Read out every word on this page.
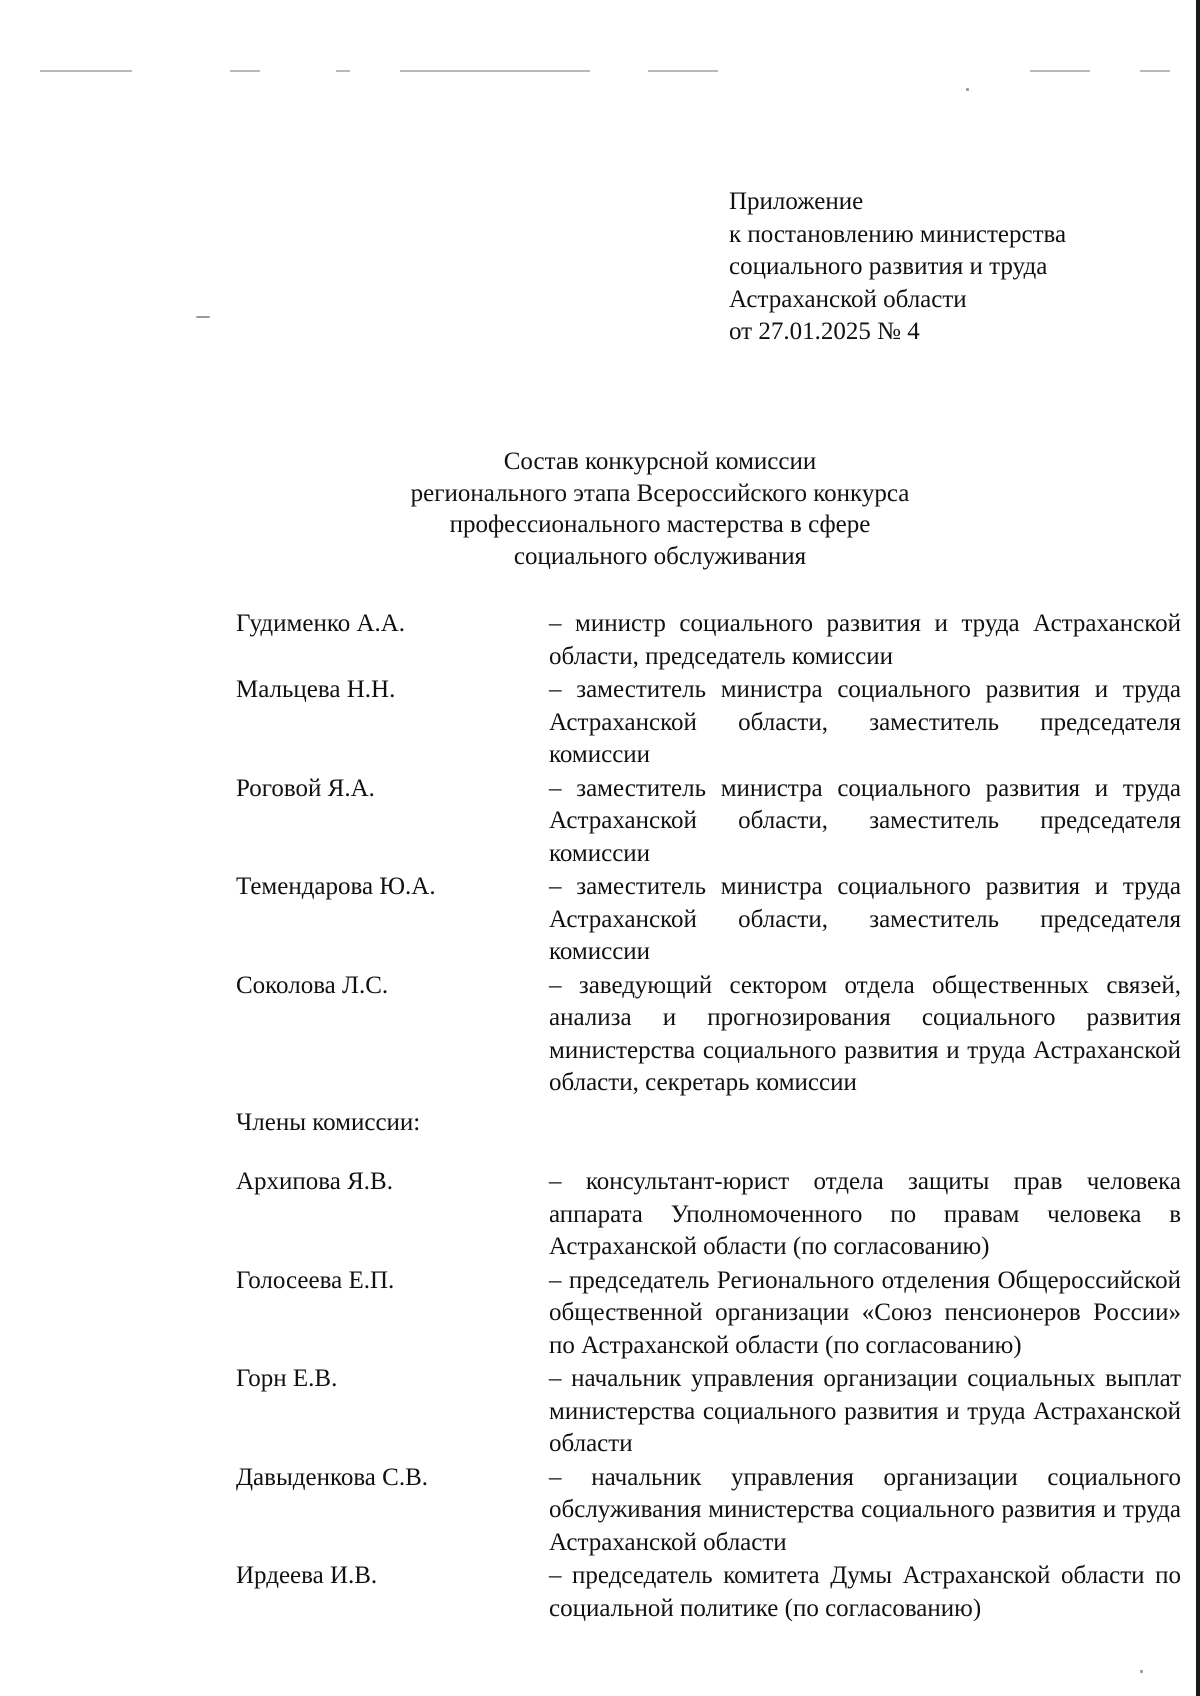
Приложение
к постановлению министерства
социального развития и труда
Астраханской области
от 27.01.2025 № 4
Состав конкурсной комиссии
регионального этапа Всероссийского конкурса
профессионального мастерства в сфере
социального обслуживания
Гудименко А.А.	– министр социального развития и труда Астраханской области, председатель комиссии
Мальцева Н.Н.	– заместитель министра социального развития и труда Астраханской области, заместитель председателя комиссии
Роговой Я.А.	– заместитель министра социального развития и труда Астраханской области, заместитель председателя комиссии
Темендарова Ю.А.	– заместитель министра социального развития и труда Астраханской области, заместитель председателя комиссии
Соколова Л.С.	– заведующий сектором отдела общественных связей, анализа и прогнозирования социального развития министерства социального развития и труда Астраханской области, секретарь комиссии
Члены комиссии:
Архипова Я.В.	– консультант-юрист отдела защиты прав человека аппарата Уполномоченного по правам человека в Астраханской области (по согласованию)
Голосеева Е.П.	– председатель Регионального отделения Общероссийской общественной организации «Союз пенсионеров России» по Астраханской области (по согласованию)
Горн Е.В.	– начальник управления организации социальных выплат министерства социального развития и труда Астраханской области
Давыденкова С.В.	– начальник управления организации социального обслуживания министерства социального развития и труда Астраханской области
Ирдеева И.В.	– председатель комитета Думы Астраханской области по социальной политике (по согласованию)
